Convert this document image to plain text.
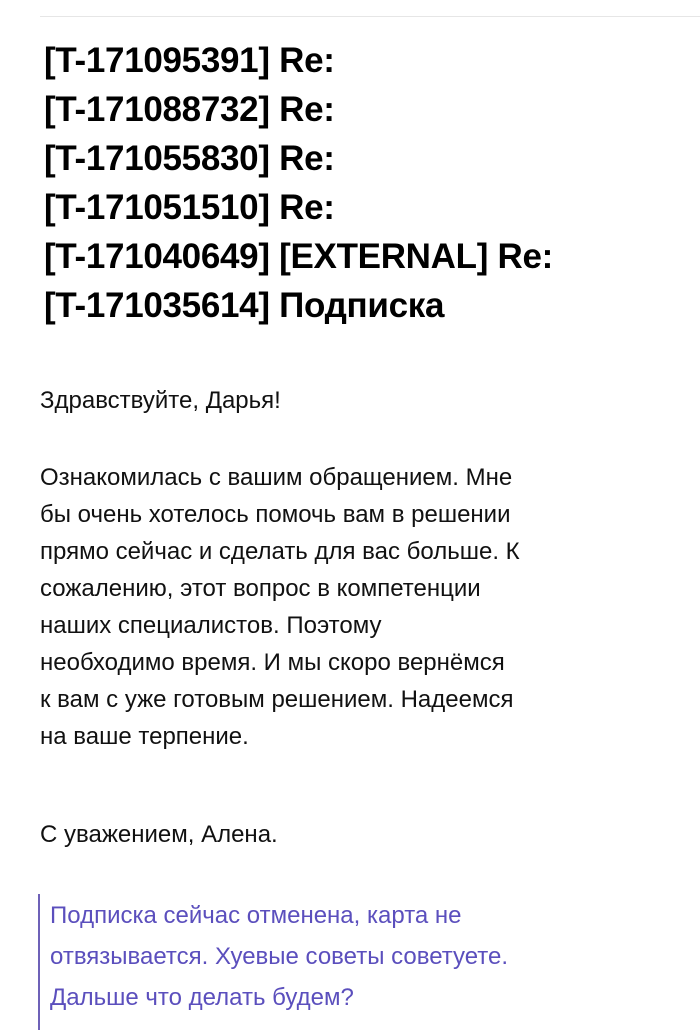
[T-171095391] Re:
[T-171088732] Re:
[T-171055830] Re:
[T-171051510] Re:
[T-171040649] [EXTERNAL] Re:
[T-171035614] Подписка
Здравствуйте, Дарья!
Ознакомилась с вашим обращением. Мне
бы очень хотелось помочь вам в решении
прямо сейчас и сделать для вас больше. К
сожалению, этот вопрос в компетенции
наших специалистов. Поэтому
необходимо время. И мы скоро вернёмся
к вам с уже готовым решением. Надеемся
на ваше терпение.
С уважением, Алена.
Подписка сейчас отменена, карта не
отвязывается. Хуевые советы советуете.
Дальше что делать будем?
